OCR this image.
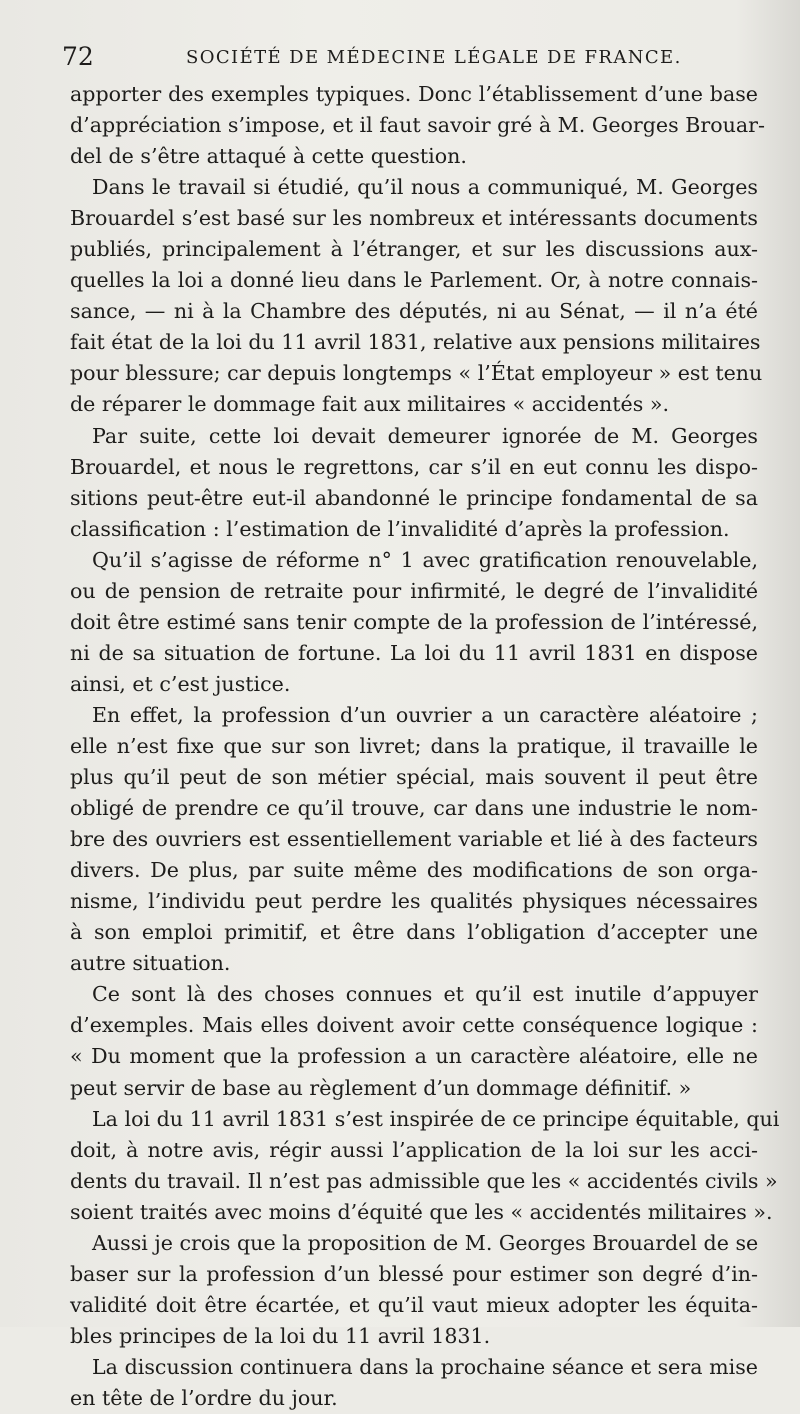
72	SOCIÉTÉ DE MÉDECINE LÉGALE DE FRANCE.
apporter des exemples typiques. Donc l’établissement d’une base
d’appréciation s’impose, et il faut savoir gré à M. Georges Brouar-
del de s’être attaqué à cette question.
Dans le travail si étudié, qu’il nous a communiqué, M. Georges
Brouardel s’est basé sur les nombreux et intéressants documents
publiés, principalement à l’étranger, et sur les discussions aux-
quelles la loi a donné lieu dans le Parlement. Or, à notre connais-
sance, — ni à la Chambre des députés, ni au Sénat, — il n’a été
fait état de la loi du 11 avril 1831, relative aux pensions militaires
pour blessure; car depuis longtemps « l’État employeur » est tenu
de réparer le dommage fait aux militaires « accidentés ».
Par suite, cette loi devait demeurer ignorée de M. Georges
Brouardel, et nous le regrettons, car s’il en eut connu les dispo-
sitions peut-être eut-il abandonné le principe fondamental de sa
classification : l’estimation de l’invalidité d’après la profession.
Qu’il s’agisse de réforme n° 1 avec gratification renouvelable,
ou de pension de retraite pour infirmité, le degré de l’invalidité
doit être estimé sans tenir compte de la profession de l’intéressé,
ni de sa situation de fortune. La loi du 11 avril 1831 en dispose
ainsi, et c’est justice.
En effet, la profession d’un ouvrier a un caractère aléatoire ;
elle n’est fixe que sur son livret; dans la pratique, il travaille le
plus qu’il peut de son métier spécial, mais souvent il peut être
obligé de prendre ce qu’il trouve, car dans une industrie le nom-
bre des ouvriers est essentiellement variable et lié à des facteurs
divers. De plus, par suite même des modifications de son orga-
nisme, l’individu peut perdre les qualités physiques nécessaires
à son emploi primitif, et être dans l’obligation d’accepter une
autre situation.
Ce sont là des choses connues et qu’il est inutile d’appuyer
d’exemples. Mais elles doivent avoir cette conséquence logique :
« Du moment que la profession a un caractère aléatoire, elle ne
peut servir de base au règlement d’un dommage définitif. »
La loi du 11 avril 1831 s’est inspirée de ce principe équitable, qui
doit, à notre avis, régir aussi l’application de la loi sur les acci-
dents du travail. Il n’est pas admissible que les « accidentés civils »
soient traités avec moins d’équité que les « accidentés militaires ».
Aussi je crois que la proposition de M. Georges Brouardel de se
baser sur la profession d’un blessé pour estimer son degré d’in-
validité doit être écartée, et qu’il vaut mieux adopter les équita-
bles principes de la loi du 11 avril 1831.
La discussion continuera dans la prochaine séance et sera mise
en tête de l’ordre du jour.
